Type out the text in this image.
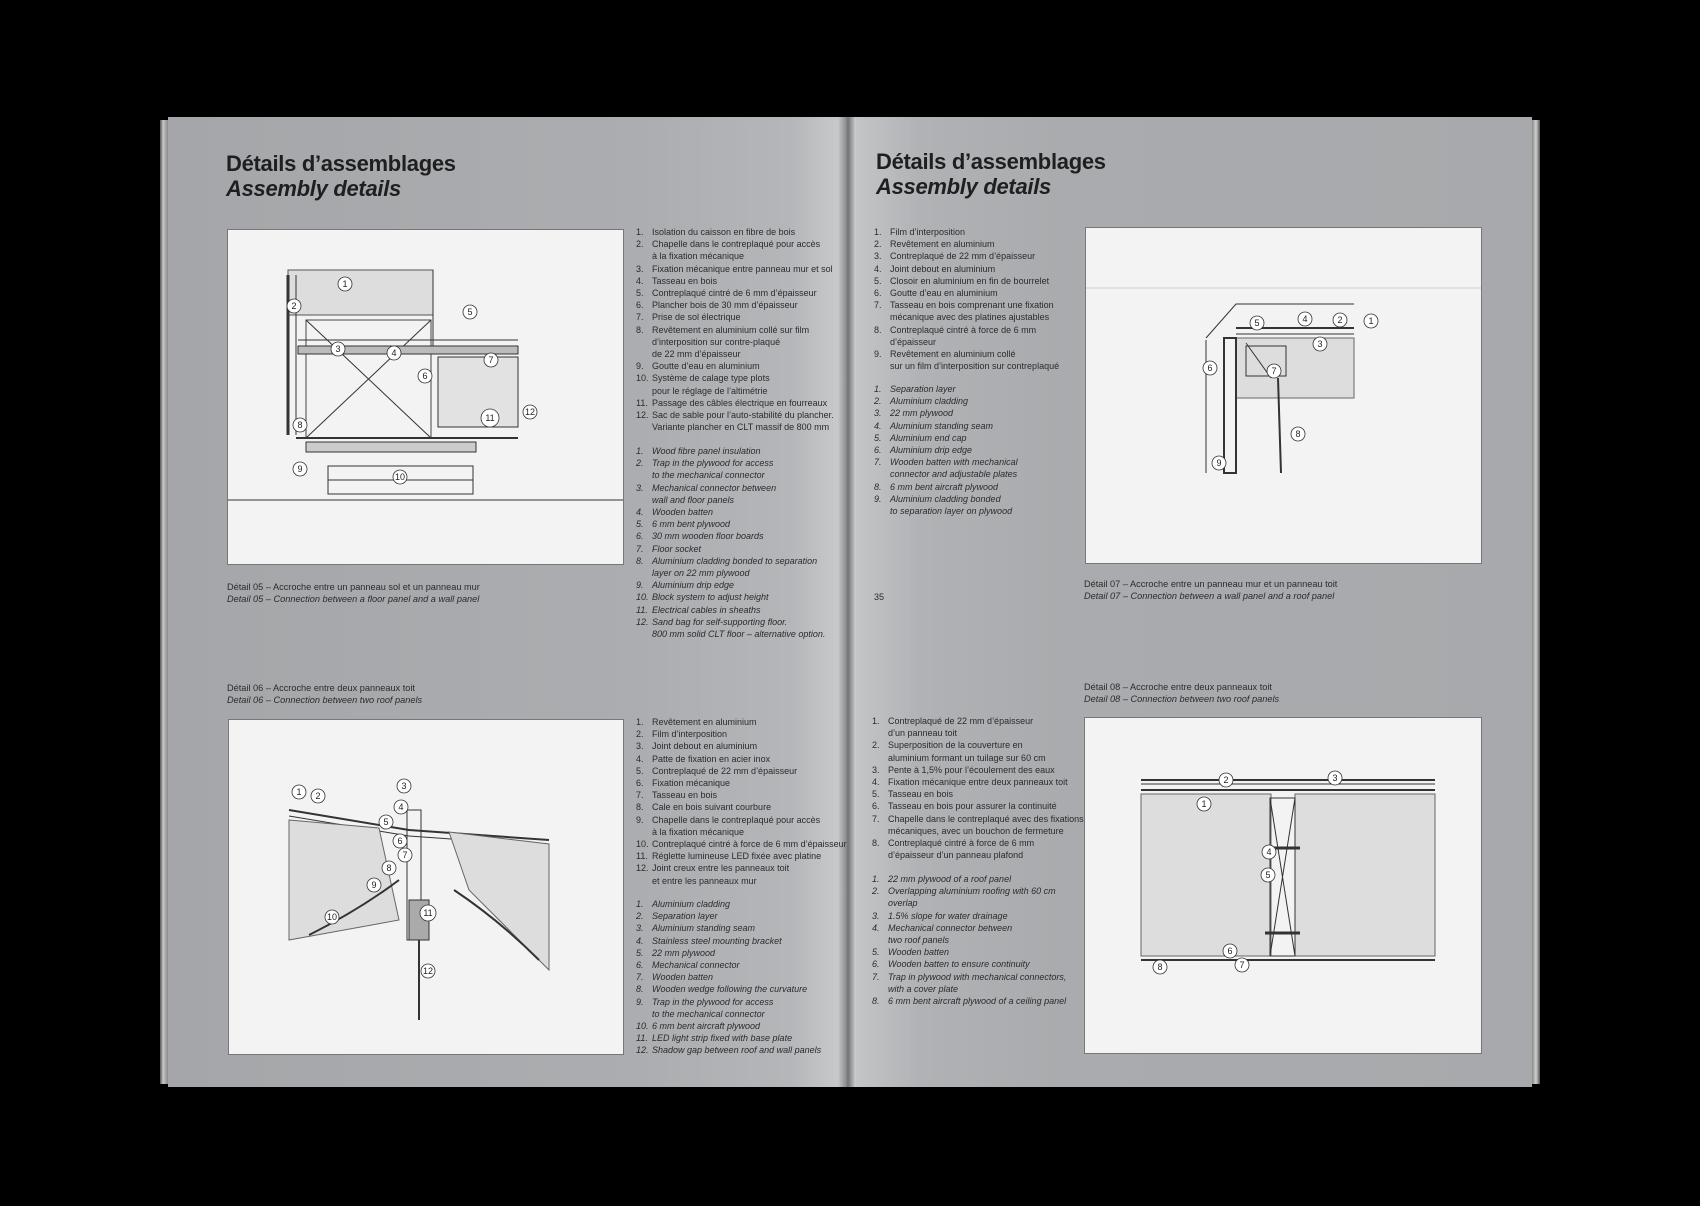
Détails d’assemblages
Assembly details
1
2
3	4
5
6
7
8
9
10
11
12
Détail 05 – Accroche entre un panneau sol et un panneau mur
Detail 05 – Connection between a floor panel and a wall panel
1. Isolation du caisson en fibre de bois
2. Chapelle dans le contreplaqué pour accès
à la fixation mécanique
3. Fixation mécanique entre panneau mur et sol
4. Tasseau en bois
5. Contreplaqué cintré de 6 mm d’épaisseur
6. Plancher bois de 30 mm d’épaisseur
7. Prise de sol électrique
8. Revêtement en aluminium collé sur film
d’interposition sur contre-plaqué
de 22 mm d’épaisseur
9. Goutte d’eau en aluminium
10. Système de calage type plots
pour le réglage de l’altimétrie
11. Passage des câbles électrique en fourreaux
12. Sac de sable pour l’auto-stabilité du plancher.
Variante plancher en CLT massif de 800 mm
1. Wood fibre panel insulation
2. Trap in the plywood for access
to the mechanical connector
3. Mechanical connector between
wall and floor panels
4. Wooden batten
5. 6 mm bent plywood
6. 30 mm wooden floor boards
7. Floor socket
8. Aluminium cladding bonded to separation
layer on 22 mm plywood
9. Aluminium drip edge
10. Block system to adjust height
11. Electrical cables in sheaths
12. Sand bag for self-supporting floor.
800 mm solid CLT floor – alternative option.
Détail 06 – Accroche entre deux panneaux toit
Detail 06 – Connection between two roof panels
1 2
3
4
5
6
7
8
9
10	11
12
1. Revêtement en aluminium
2. Film d’interposition
3. Joint debout en aluminium
4. Patte de fixation en acier inox
5. Contreplaqué de 22 mm d’épaisseur
6. Fixation mécanique
7. Tasseau en bois
8. Cale en bois suivant courbure
9. Chapelle dans le contreplaqué pour accès
à la fixation mécanique
10. Contreplaqué cintré à force de 6 mm d’épaisseur
11. Réglette lumineuse LED fixée avec platine
12. Joint creux entre les panneaux toit
et entre les panneaux mur
1. Aluminium cladding
2. Separation layer
3. Aluminium standing seam
4. Stainless steel mounting bracket
5. 22 mm plywood
6. Mechanical connector
7. Wooden batten
8. Wooden wedge following the curvature
9. Trap in the plywood for access
to the mechanical connector
10. 6 mm bent aircraft plywood
11. LED light strip fixed with base plate
12. Shadow gap between roof and wall panels
Détails d’assemblages
Assembly details
1. Film d’interposition
2. Revêtement en aluminium
3. Contreplaqué de 22 mm d’épaisseur
4. Joint debout en aluminium
5. Closoir en aluminium en fin de bourrelet
6. Goutte d’eau en aluminium
7. Tasseau en bois comprenant une fixation
mécanique avec des platines ajustables
8. Contreplaqué cintré à force de 6 mm
d’épaisseur
9. Revêtement en aluminium collé
sur un film d’interposition sur contreplaqué
1. Separation layer
2. Aluminium cladding
3. 22 mm plywood
4. Aluminium standing seam
5. Aluminium end cap
6. Aluminium drip edge
7. Wooden batten with mechanical
connector and adjustable plates
8. 6 mm bent aircraft plywood
9. Aluminium cladding bonded
to separation layer on plywood
1
2
3
4
5
6	7
8
9
Détail 07 – Accroche entre un panneau mur et un panneau toit
Detail 07 – Connection between a wall panel and a roof panel
35
Détail 08 – Accroche entre deux panneaux toit
Detail 08 – Connection between two roof panels
1. Contreplaqué de 22 mm d’épaisseur
d’un panneau toit
2. Superposition de la couverture en
aluminium formant un tuilage sur 60 cm
3. Pente à 1,5% pour l’écoulement des eaux
4. Fixation mécanique entre deux panneaux toit
5. Tasseau en bois
6. Tasseau en bois pour assurer la continuité
7. Chapelle dans le contreplaqué avec des fixations
mécaniques, avec un bouchon de fermeture
8. Contreplaqué cintré à force de 6 mm
d’épaisseur d’un panneau plafond
1. 22 mm plywood of a roof panel
2. Overlapping aluminium roofing with 60 cm
overlap
3. 1.5% slope for water drainage
4. Mechanical connector between
two roof panels
5. Wooden batten
6. Wooden batten to ensure continuity
7. Trap in plywood with mechanical connectors,
with a cover plate
8. 6 mm bent aircraft plywood of a ceiling panel
1
2	3
4
5
6
7
8
